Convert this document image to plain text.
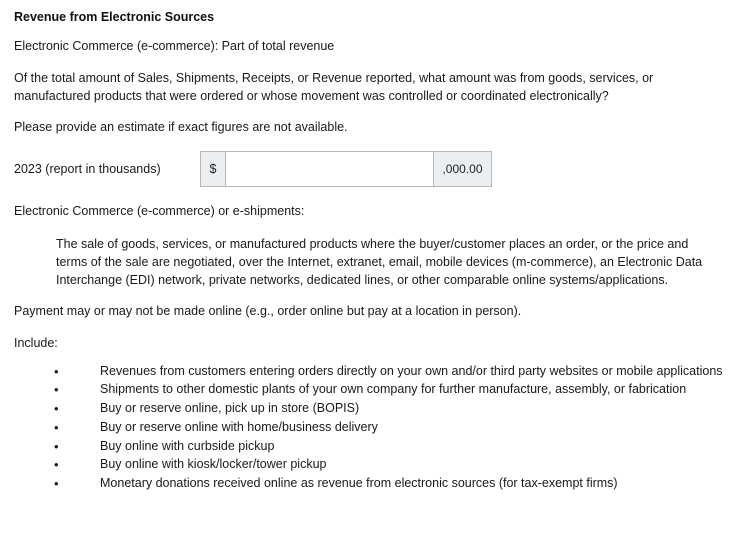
Revenue from Electronic Sources

Electronic Commerce (e-commerce): Part of total revenue

Of the total amount of Sales, Shipments, Receipts, or Revenue reported, what amount was from goods, services, or manufactured products that were ordered or whose movement was controlled or coordinated electronically?

Please provide an estimate if exact figures are not available.

2023 (report in thousands)	$	,000.00

Electronic Commerce (e-commerce) or e-shipments:

The sale of goods, services, or manufactured products where the buyer/customer places an order, or the price and terms of the sale are negotiated, over the Internet, extranet, email, mobile devices (m-commerce), an Electronic Data Interchange (EDI) network, private networks, dedicated lines, or other comparable online systems/applications.

Payment may or may not be made online (e.g., order online but pay at a location in person).

Include:

•	Revenues from customers entering orders directly on your own and/or third party websites or mobile applications
•	Shipments to other domestic plants of your own company for further manufacture, assembly, or fabrication
•	Buy or reserve online, pick up in store (BOPIS)
•	Buy or reserve online with home/business delivery
•	Buy online with curbside pickup
•	Buy online with kiosk/locker/tower pickup
•	Monetary donations received online as revenue from electronic sources (for tax-exempt firms)
